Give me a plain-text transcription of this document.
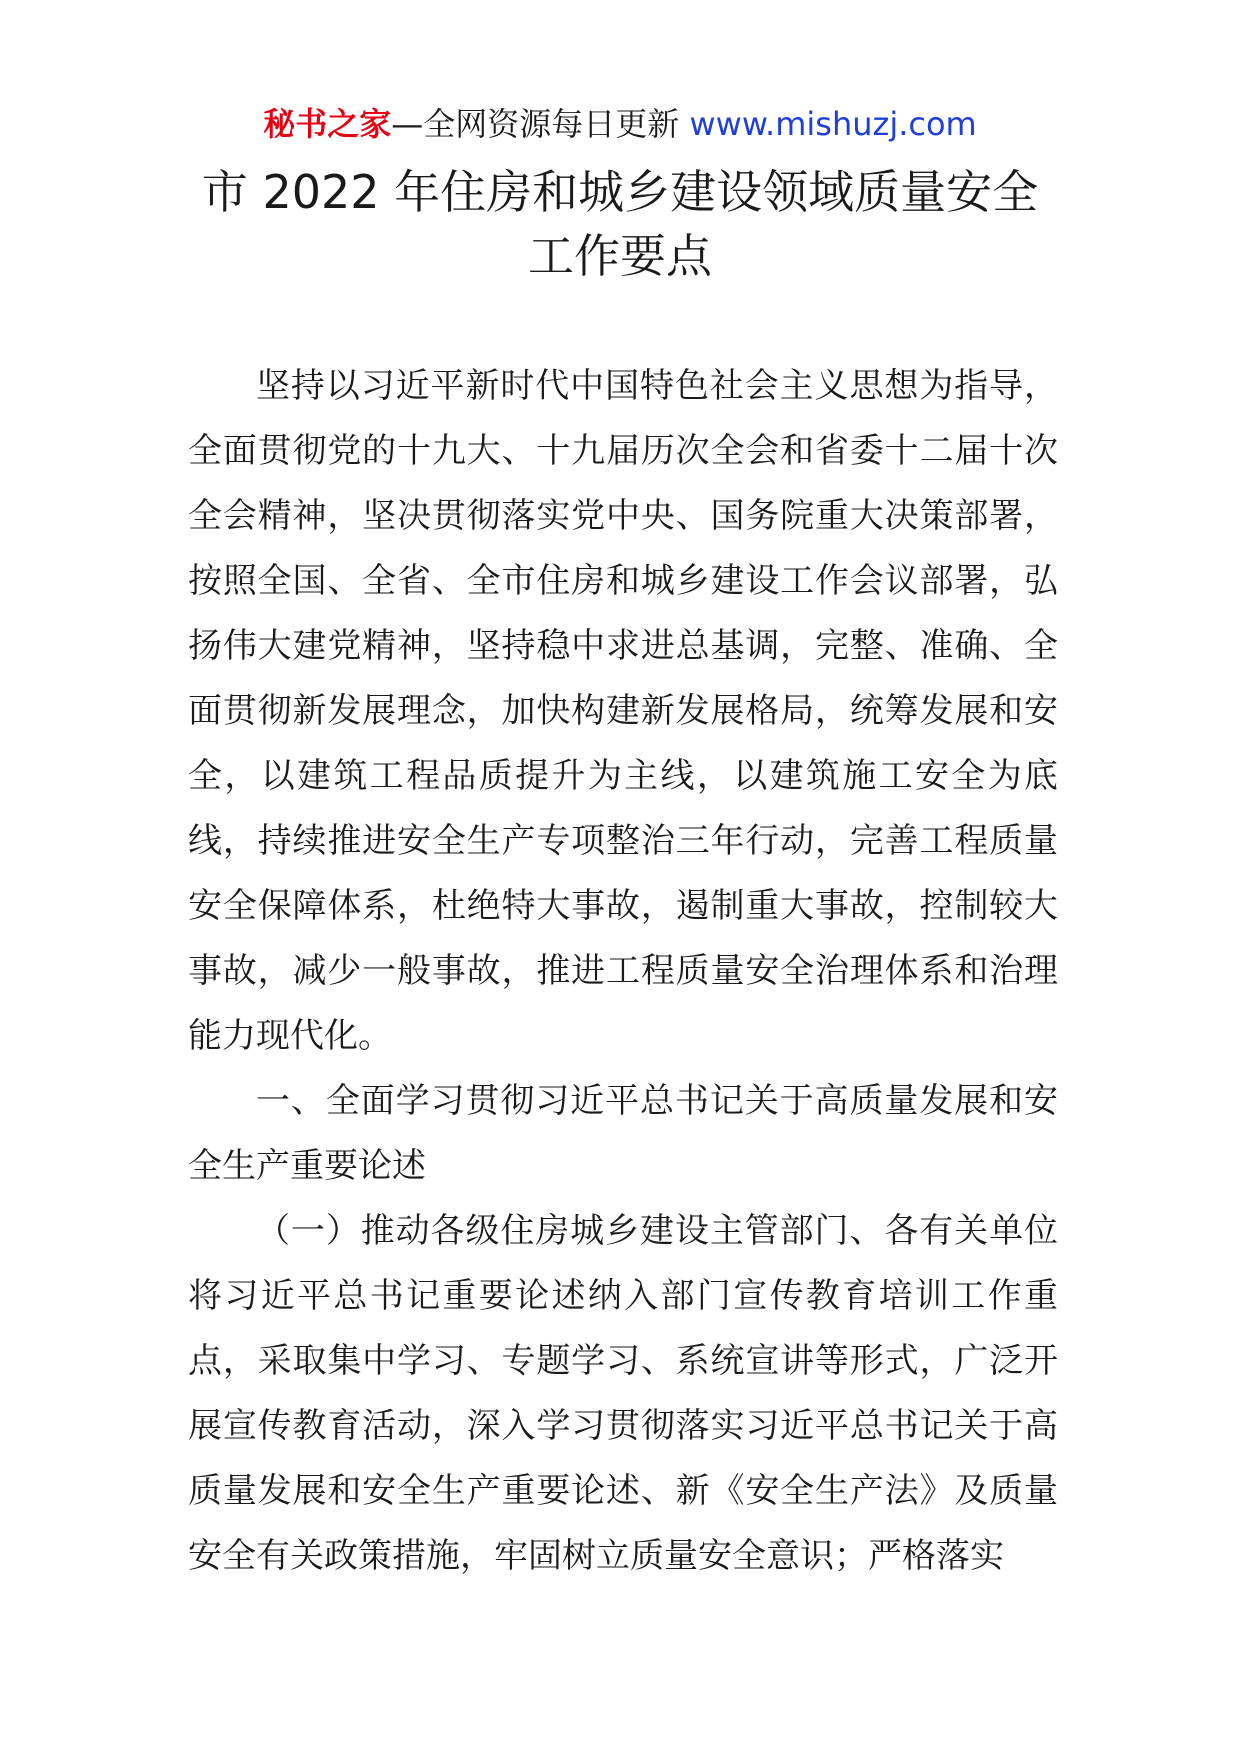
秘书之家—全网资源每日更新 www.mishuzj.com
市 2022 年住房和城乡建设领域质量安全
工作要点

坚持以习近平新时代中国特色社会主义思想为指导，全面贯彻党的十九大、十九届历次全会和省委十二届十次全会精神，坚决贯彻落实党中央、国务院重大决策部署，按照全国、全省、全市住房和城乡建设工作会议部署，弘扬伟大建党精神，坚持稳中求进总基调，完整、准确、全面贯彻新发展理念，加快构建新发展格局，统筹发展和安全，以建筑工程品质提升为主线，以建筑施工安全为底线，持续推进安全生产专项整治三年行动，完善工程质量安全保障体系，杜绝特大事故，遏制重大事故，控制较大事故，减少一般事故，推进工程质量安全治理体系和治理能力现代化。

一、全面学习贯彻习近平总书记关于高质量发展和安全生产重要论述

（一）推动各级住房城乡建设主管部门、各有关单位将习近平总书记重要论述纳入部门宣传教育培训工作重点，采取集中学习、专题学习、系统宣讲等形式，广泛开展宣传教育活动，深入学习贯彻落实习近平总书记关于高质量发展和安全生产重要论述、新《安全生产法》及质量安全有关政策措施，牢固树立质量安全意识；严格落实
